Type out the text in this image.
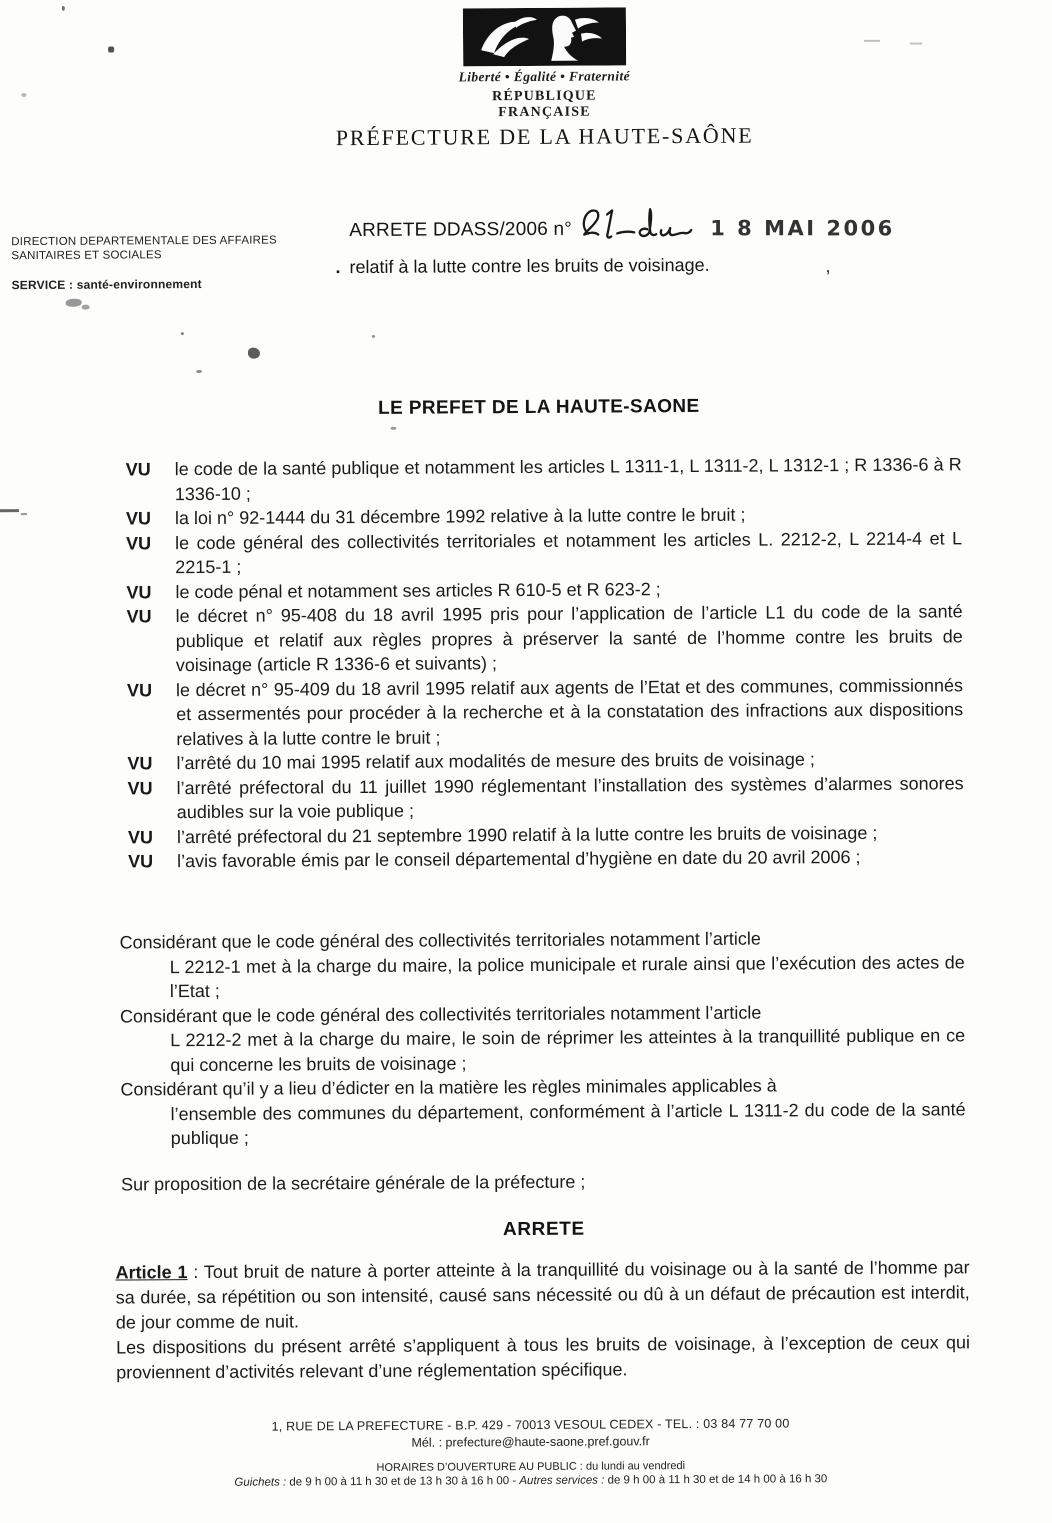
Liberté • Égalité • Fraternité
RÉPUBLIQUE FRANÇAISE
PRÉFECTURE DE LA HAUTE-SAÔNE
DIRECTION DEPARTEMENTALE DES AFFAIRES
SANITAIRES ET SOCIALES
SERVICE : santé-environnement
ARRETE DDASS/2006 n°	1 8 MAI 2006
. relatif à la lutte contre les bruits de voisinage.	,
LE PREFET DE LA HAUTE-SAONE
VU	le code de la santé publique et notamment les articles L 1311-1, L 1311-2, L 1312-1 ; R 1336-6 à R 1336-10 ;
VU	la loi n° 92-1444 du 31 décembre 1992 relative à la lutte contre le bruit ;
VU	le code général des collectivités territoriales et notamment les articles L. 2212-2, L 2214-4 et L 2215-1 ;
VU	le code pénal et notamment ses articles R 610-5 et R 623-2 ;
VU	le décret n° 95-408 du 18 avril 1995 pris pour l’application de l’article L1 du code de la santé publique et relatif aux règles propres à préserver la santé de l’homme contre les bruits de voisinage (article R 1336-6 et suivants) ;
VU	le décret n° 95-409 du 18 avril 1995 relatif aux agents de l’Etat et des communes, commissionnés et assermentés pour procéder à la recherche et à la constatation des infractions aux dispositions relatives à la lutte contre le bruit ;
VU	l’arrêté du 10 mai 1995 relatif aux modalités de mesure des bruits de voisinage ;
VU	l’arrêté préfectoral du 11 juillet 1990 réglementant l’installation des systèmes d’alarmes sonores audibles sur la voie publique ;
VU	l’arrêté préfectoral du 21 septembre 1990 relatif à la lutte contre les bruits de voisinage ;
VU	l’avis favorable émis par le conseil départemental d’hygiène en date du 20 avril 2006 ;
Considérant que le code général des collectivités territoriales notamment l’article
L 2212-1 met à la charge du maire, la police municipale et rurale ainsi que l’exécution des actes de l’Etat ;
Considérant que le code général des collectivités territoriales notamment l’article
L 2212-2 met à la charge du maire, le soin de réprimer les atteintes à la tranquillité publique en ce qui concerne les bruits de voisinage ;
Considérant qu’il y a lieu d’édicter en la matière les règles minimales applicables à
l’ensemble des communes du département, conformément à l’article L 1311-2 du code de la santé publique ;
Sur proposition de la secrétaire générale de la préfecture ;
ARRETE
Article 1 : Tout bruit de nature à porter atteinte à la tranquillité du voisinage ou à la santé de l’homme par sa durée, sa répétition ou son intensité, causé sans nécessité ou dû à un défaut de précaution est interdit, de jour comme de nuit.
Les dispositions du présent arrêté s’appliquent à tous les bruits de voisinage, à l’exception de ceux qui proviennent d’activités relevant d’une réglementation spécifique.
1, RUE DE LA PREFECTURE - B.P. 429 - 70013 VESOUL CEDEX - TEL. : 03 84 77 70 00
Mél. : prefecture@haute-saone.pref.gouv.fr
HORAIRES D’OUVERTURE AU PUBLIC : du lundi au vendredi
Guichets : de 9 h 00 à 11 h 30 et de 13 h 30 à 16 h 00 - Autres services : de 9 h 00 à 11 h 30 et de 14 h 00 à 16 h 30
